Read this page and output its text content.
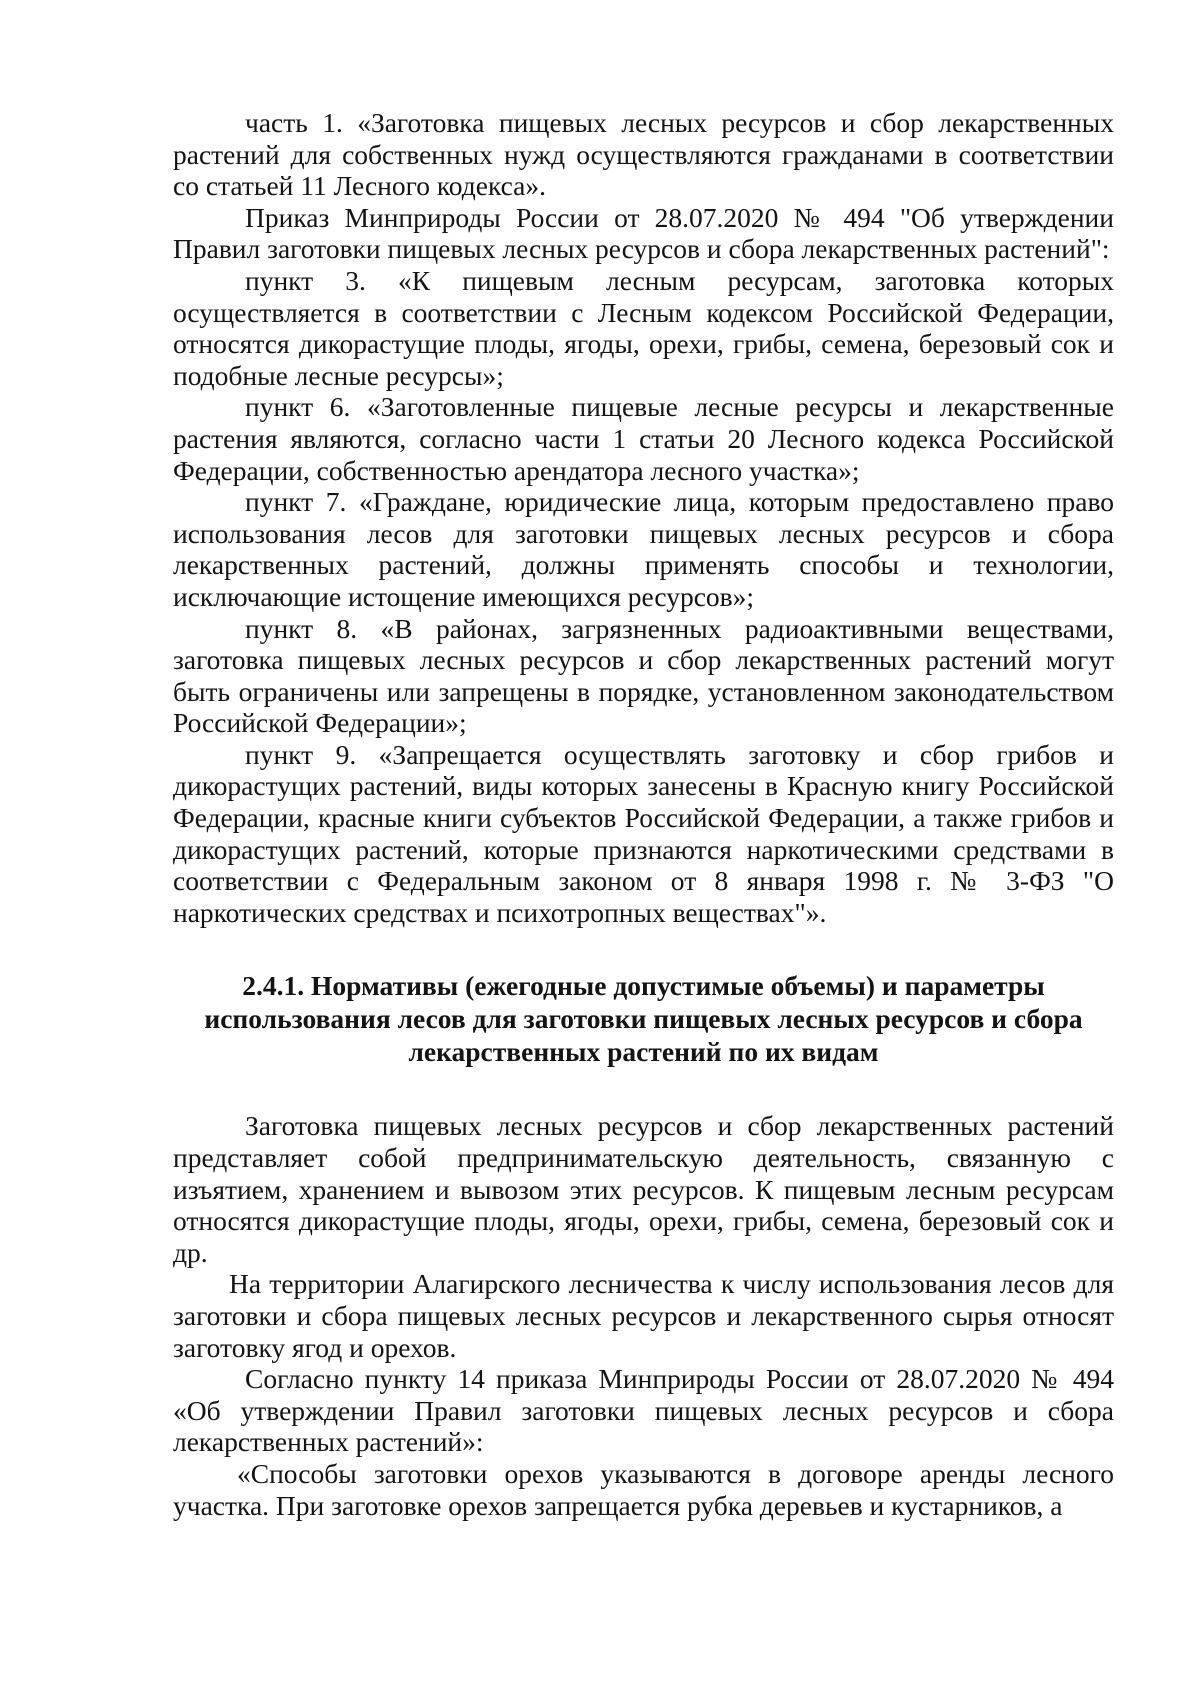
часть 1. «Заготовка пищевых лесных ресурсов и сбор лекарственных растений для собственных нужд осуществляются гражданами в соответствии со статьей 11 Лесного кодекса».

Приказ Минприроды России от 28.07.2020 № 494 "Об утверждении Правил заготовки пищевых лесных ресурсов и сбора лекарственных растений":

пункт 3. «К пищевым лесным ресурсам, заготовка которых осуществляется в соответствии с Лесным кодексом Российской Федерации, относятся дикорастущие плоды, ягоды, орехи, грибы, семена, березовый сок и подобные лесные ресурсы»;

пункт 6. «Заготовленные пищевые лесные ресурсы и лекарственные растения являются, согласно части 1 статьи 20 Лесного кодекса Российской Федерации, собственностью арендатора лесного участка»;

пункт 7. «Граждане, юридические лица, которым предоставлено право использования лесов для заготовки пищевых лесных ресурсов и сбора лекарственных растений, должны применять способы и технологии, исключающие истощение имеющихся ресурсов»;

пункт 8. «В районах, загрязненных радиоактивными веществами, заготовка пищевых лесных ресурсов и сбор лекарственных растений могут быть ограничены или запрещены в порядке, установленном законодательством Российской Федерации»;

пункт 9. «Запрещается осуществлять заготовку и сбор грибов и дикорастущих растений, виды которых занесены в Красную книгу Российской Федерации, красные книги субъектов Российской Федерации, а также грибов и дикорастущих растений, которые признаются наркотическими средствами в соответствии с Федеральным законом от 8 января 1998 г. № 3-ФЗ "О наркотических средствах и психотропных веществах"».

2.4.1. Нормативы (ежегодные допустимые объемы) и параметры использования лесов для заготовки пищевых лесных ресурсов и сбора лекарственных растений по их видам

Заготовка пищевых лесных ресурсов и сбор лекарственных растений представляет собой предпринимательскую деятельность, связанную с изъятием, хранением и вывозом этих ресурсов. К пищевым лесным ресурсам относятся дикорастущие плоды, ягоды, орехи, грибы, семена, березовый сок и др.

На территории Алагирского лесничества к числу использования лесов для заготовки и сбора пищевых лесных ресурсов и лекарственного сырья относят заготовку ягод и орехов.

Согласно пункту 14 приказа Минприроды России от 28.07.2020 № 494 «Об утверждении Правил заготовки пищевых лесных ресурсов и сбора лекарственных растений»:

«Способы заготовки орехов указываются в договоре аренды лесного участка. При заготовке орехов запрещается рубка деревьев и кустарников, а
